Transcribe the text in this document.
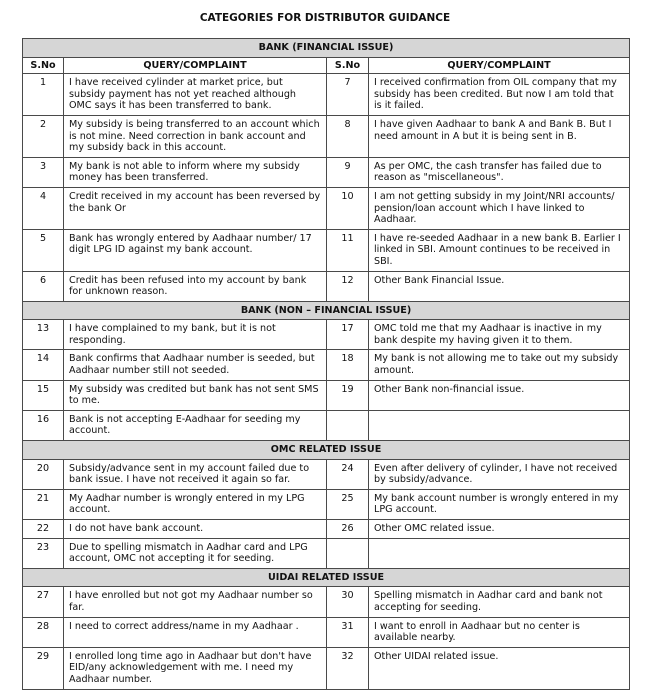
CATEGORIES FOR DISTRIBUTOR GUIDANCE
BANK (FINANCIAL ISSUE)			
S.No	QUERY/COMPLAINT	S.No	QUERY/COMPLAINT
1	I have received cylinder at market price, but subsidy payment has not yet reached although OMC says it has been transferred to bank.	7	I received confirmation from OIL company that my subsidy has been credited. But now I am told that is it failed.
2	My subsidy is being transferred to an account which is not mine. Need correction in bank account and my subsidy back in this account.	8	I have given Aadhaar to bank A and Bank B. But I need amount in A but it is being sent in B.
3	My bank is not able to inform where my subsidy money has been transferred.	9	As per OMC, the cash transfer has failed due to reason as "miscellaneous".
4	Credit received in my account has been reversed by the bank Or	10	I am not getting subsidy in my Joint/NRI accounts/ pension/loan account which I have linked to Aadhaar.
5	Bank has wrongly entered by Aadhaar number/ 17 digit LPG ID against my bank account.	11	I have re-seeded Aadhaar in a new bank B. Earlier I linked in SBI. Amount continues to be received in SBI.
6	Credit has been refused into my account by bank for unknown reason.	12	Other Bank Financial Issue.
BANK (NON – FINANCIAL ISSUE)			
13	I have complained to my bank, but it is not responding.	17	OMC told me that my Aadhaar is inactive in my bank despite my having given it to them.
14	Bank confirms that Aadhaar number is seeded, but Aadhaar number still not seeded.	18	My bank is not allowing me to take out my subsidy amount.
15	My subsidy was credited but bank has not sent SMS to me.	19	Other Bank non-financial issue.
16	Bank is not accepting E-Aadhaar for seeding my account.		
OMC RELATED ISSUE			
20	Subsidy/advance sent in my account failed due to bank issue. I have not received it again so far.	24	Even after delivery of cylinder, I have not received by subsidy/advance.
21	My Aadhar number is wrongly entered in my LPG account.	25	My bank account number is wrongly entered in my LPG account.
22	I do not have bank account.	26	Other OMC related issue.
23	Due to spelling mismatch in Aadhar card and LPG account, OMC not accepting it for seeding.		
UIDAI RELATED ISSUE			
27	I have enrolled but not got my Aadhaar number so far.	30	Spelling mismatch in Aadhar card and bank not accepting for seeding.
28	I need to correct address/name in my Aadhaar .	31	I want to enroll in Aadhaar but no center is available nearby.
29	I enrolled long time ago in Aadhaar but don't have EID/any acknowledgement with me. I need my Aadhaar number.	32	Other UIDAI related issue.
